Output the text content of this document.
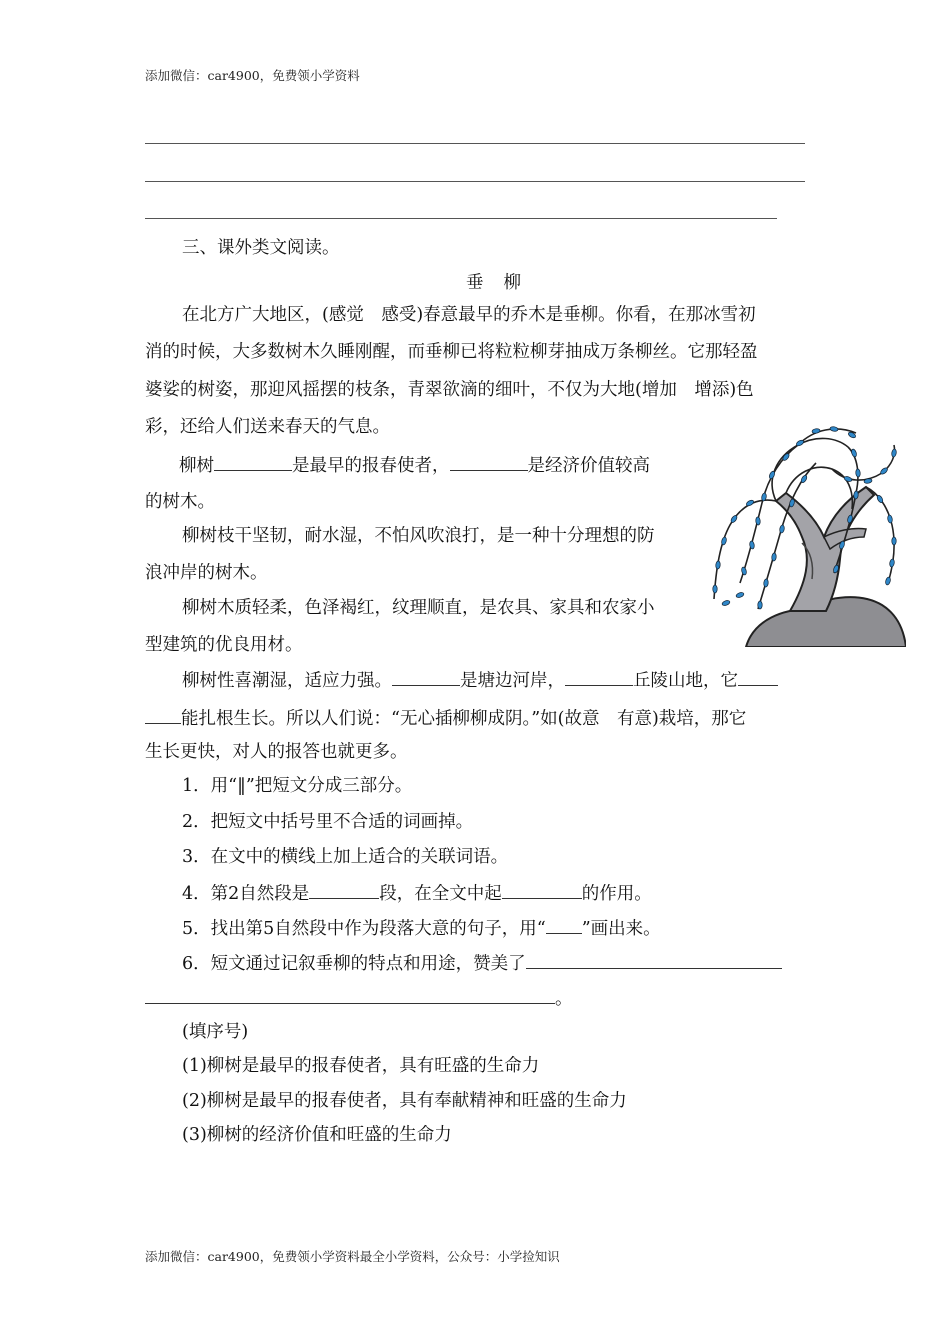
添加微信：car4900，免费领小学资料
三、课外类文阅读。
垂柳
在北方广大地区，(感觉　感受)春意最早的乔木是垂柳。你看，在那冰雪初
消的时候，大多数树木久睡刚醒，而垂柳已将粒粒柳芽抽成万条柳丝。它那轻盈
婆娑的树姿，那迎风摇摆的枝条，青翠欲滴的细叶，不仅为大地(增加　增添)色
彩，还给人们送来春天的气息。
柳树	是最早的报春使者，	是经济价值较高
的树木。
柳树枝干坚韧，耐水湿，不怕风吹浪打，是一种十分理想的防
浪冲岸的树木。
柳树木质轻柔，色泽褐红，纹理顺直，是农具、家具和农家小
型建筑的优良用材。
柳树性喜潮湿，适应力强。	是塘边河岸，	丘陵山地，它
能扎根生长。所以人们说：“无心插柳柳成阴。”如(故意　有意)栽培，那它
生长更快，对人的报答也就更多。
1．用“‖”把短文分成三部分。
2．把短文中括号里不合适的词画掉。
3．在文中的横线上加上适合的关联词语。
4．第2自然段是	段，在全文中起	的作用。
5．找出第5自然段中作为段落大意的句子，用“ ”画出来。
6．短文通过记叙垂柳的特点和用途，赞美了
。
(填序号)
(1)柳树是最早的报春使者，具有旺盛的生命力
(2)柳树是最早的报春使者，具有奉献精神和旺盛的生命力
(3)柳树的经济价值和旺盛的生命力
添加微信：car4900，免费领小学资料最全小学资料，公众号：小学捡知识
